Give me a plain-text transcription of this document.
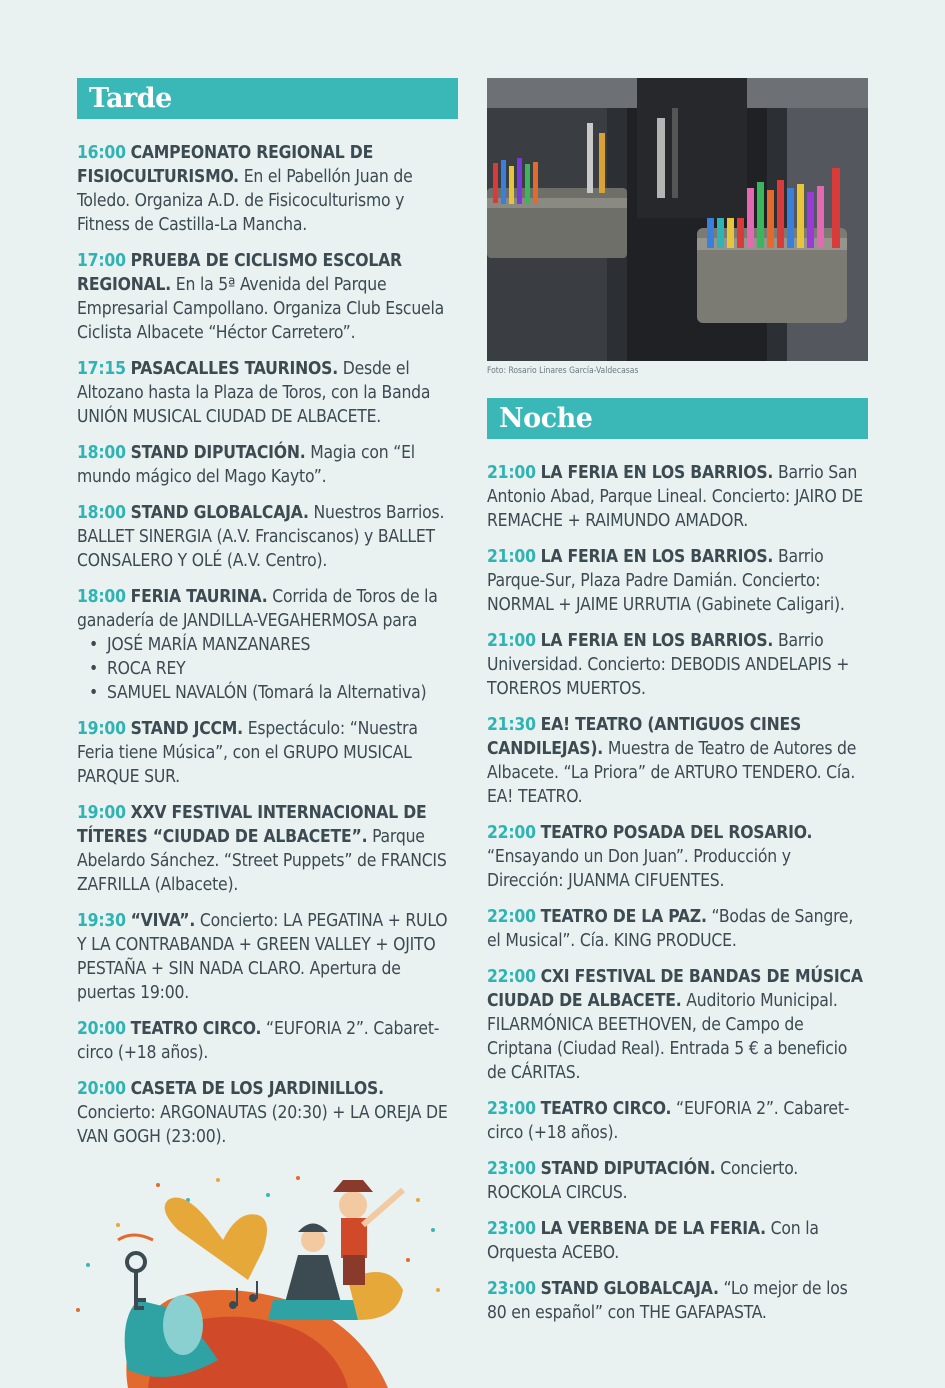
Tarde
16:00 CAMPEONATO REGIONAL DE FISIOCULTURISMO. En el Pabellón Juan de Toledo. Organiza A.D. de Fisicoculturismo y Fitness de Castilla-La Mancha.
17:00 PRUEBA DE CICLISMO ESCOLAR REGIONAL. En la 5ª Avenida del Parque Empresarial Campollano. Organiza Club Escuela Ciclista Albacete “Héctor Carretero”.
17:15 PASACALLES TAURINOS. Desde el Altozano hasta la Plaza de Toros, con la Banda UNIÓN MUSICAL CIUDAD DE ALBACETE.
18:00 STAND DIPUTACIÓN. Magia con “El mundo mágico del Mago Kayto”.
18:00 STAND GLOBALCAJA. Nuestros Barrios. BALLET SINERGIA (A.V. Franciscanos) y BALLET CONSALERO Y OLÉ (A.V. Centro).
18:00 FERIA TAURINA. Corrida de Toros de la ganadería de JANDILLA-VEGAHERMOSA para
• JOSÉ MARÍA MANZANARES
• ROCA REY
• SAMUEL NAVALÓN (Tomará la Alternativa)
19:00 STAND JCCM. Espectáculo: “Nuestra Feria tiene Música”, con el GRUPO MUSICAL PARQUE SUR.
19:00 XXV FESTIVAL INTERNACIONAL DE TÍTERES “CIUDAD DE ALBACETE”. Parque Abelardo Sánchez. “Street Puppets” de FRANCIS ZAFRILLA (Albacete).
19:30 “VIVA”. Concierto: LA PEGATINA + RULO Y LA CONTRABANDA + GREEN VALLEY + OJITO PESTAÑA + SIN NADA CLARO. Apertura de puertas 19:00.
20:00 TEATRO CIRCO. “EUFORIA 2”. Cabaret-circo (+18 años).
20:00 CASETA DE LOS JARDINILLOS. Concierto: ARGONAUTAS (20:30) + LA OREJA DE VAN GOGH (23:00).
Foto: Rosario Linares García-Valdecasas
Noche
21:00 LA FERIA EN LOS BARRIOS. Barrio San Antonio Abad, Parque Lineal. Concierto: JAIRO DE REMACHE + RAIMUNDO AMADOR.
21:00 LA FERIA EN LOS BARRIOS. Barrio Parque-Sur, Plaza Padre Damián. Concierto: NORMAL + JAIME URRUTIA (Gabinete Caligari).
21:00 LA FERIA EN LOS BARRIOS. Barrio Universidad. Concierto: DEBODIS ANDELAPIS + TOREROS MUERTOS.
21:30 EA! TEATRO (ANTIGUOS CINES CANDILEJAS). Muestra de Teatro de Autores de Albacete. “La Priora” de ARTURO TENDERO. Cía. EA! TEATRO.
22:00 TEATRO POSADA DEL ROSARIO. “Ensayando un Don Juan”. Producción y Dirección: JUANMA CIFUENTES.
22:00 TEATRO DE LA PAZ. “Bodas de Sangre, el Musical”. Cía. KING PRODUCE.
22:00 CXI FESTIVAL DE BANDAS DE MÚSICA CIUDAD DE ALBACETE. Auditorio Municipal. FILARMÓNICA BEETHOVEN, de Campo de Criptana (Ciudad Real). Entrada 5 € a beneficio de CÁRITAS.
23:00 TEATRO CIRCO. “EUFORIA 2”. Cabaret-circo (+18 años).
23:00 STAND DIPUTACIÓN. Concierto. ROCKOLA CIRCUS.
23:00 LA VERBENA DE LA FERIA. Con la Orquesta ACEBO.
23:00 STAND GLOBALCAJA. “Lo mejor de los 80 en español” con THE GAFAPASTA.
